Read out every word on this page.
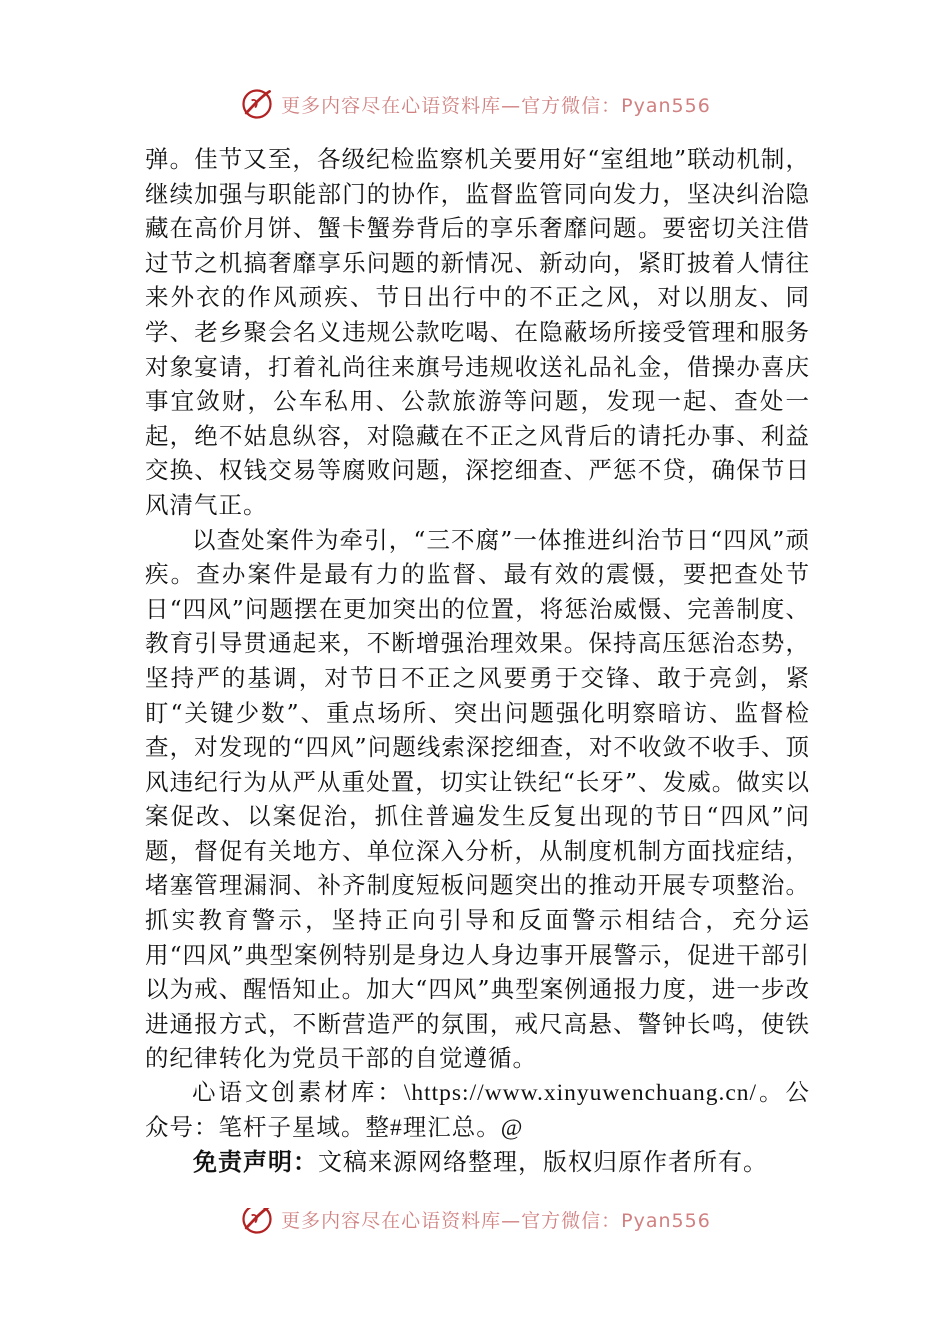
更多内容尽在心语资料库—官方微信：Pyan556

弹。佳节又至，各级纪检监察机关要用好“室组地”联动机制，继续加强与职能部门的协作，监督监管同向发力，坚决纠治隐藏在高价月饼、蟹卡蟹券背后的享乐奢靡问题。要密切关注借过节之机搞奢靡享乐问题的新情况、新动向，紧盯披着人情往来外衣的作风顽疾、节日出行中的不正之风，对以朋友、同学、老乡聚会名义违规公款吃喝、在隐蔽场所接受管理和服务对象宴请，打着礼尚往来旗号违规收送礼品礼金，借操办喜庆事宜敛财，公车私用、公款旅游等问题，发现一起、查处一起，绝不姑息纵容，对隐藏在不正之风背后的请托办事、利益交换、权钱交易等腐败问题，深挖细查、严惩不贷，确保节日风清气正。

以查处案件为牵引，“三不腐”一体推进纠治节日“四风”顽疾。查办案件是最有力的监督、最有效的震慑，要把查处节日“四风”问题摆在更加突出的位置，将惩治威慑、完善制度、教育引导贯通起来，不断增强治理效果。保持高压惩治态势，坚持严的基调，对节日不正之风要勇于交锋、敢于亮剑，紧盯“关键少数”、重点场所、突出问题强化明察暗访、监督检查，对发现的“四风”问题线索深挖细查，对不收敛不收手、顶风违纪行为从严从重处置，切实让铁纪“长牙”、发威。做实以案促改、以案促治，抓住普遍发生反复出现的节日“四风”问题，督促有关地方、单位深入分析，从制度机制方面找症结，堵塞管理漏洞、补齐制度短板问题突出的推动开展专项整治。抓实教育警示，坚持正向引导和反面警示相结合，充分运用“四风”典型案例特别是身边人身边事开展警示，促进干部引以为戒、醒悟知止。加大“四风”典型案例通报力度，进一步改进通报方式，不断营造严的氛围，戒尺高悬、警钟长鸣，使铁的纪律转化为党员干部的自觉遵循。

心语文创素材库：\https://www.xinyuwenchuang.cn/。公众号：笔杆子星域。整#理汇总。@

免责声明：文稿来源网络整理，版权归原作者所有。

更多内容尽在心语资料库—官方微信：Pyan556
